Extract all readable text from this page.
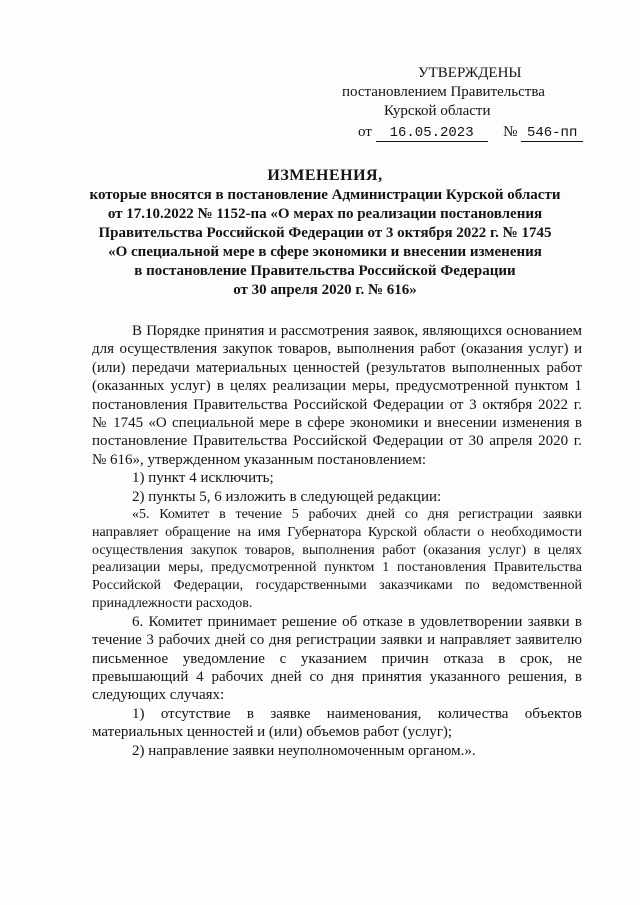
УТВЕРЖДЕНЫ
постановлением Правительства
Курской области
от 16.05.2023 № 546-пп
ИЗМЕНЕНИЯ,
которые вносятся в постановление Администрации Курской области
от 17.10.2022 № 1152-па «О мерах по реализации постановления
Правительства Российской Федерации от 3 октября 2022 г. № 1745
«О специальной мере в сфере экономики и внесении изменения
в постановление Правительства Российской Федерации
от 30 апреля 2020 г. № 616»

В Порядке принятия и рассмотрения заявок, являющихся основанием для осуществления закупок товаров, выполнения работ (оказания услуг) и (или) передачи материальных ценностей (результатов выполненных работ (оказанных услуг) в целях реализации меры, предусмотренной пунктом 1 постановления Правительства Российской Федерации от 3 октября 2022 г. № 1745 «О специальной мере в сфере экономики и внесении изменения в постановление Правительства Российской Федерации от 30 апреля 2020 г. № 616», утвержденном указанным постановлением:

1) пункт 4 исключить;

2) пункты 5, 6 изложить в следующей редакции:

«5. Комитет в течение 5 рабочих дней со дня регистрации заявки направляет обращение на имя Губернатора Курской области о необходимости осуществления закупок товаров, выполнения работ (оказания услуг) в целях реализации меры, предусмотренной пунктом 1 постановления Правительства Российской Федерации, государственными заказчиками по ведомственной принадлежности расходов.

6. Комитет принимает решение об отказе в удовлетворении заявки в течение 3 рабочих дней со дня регистрации заявки и направляет заявителю письменное уведомление с указанием причин отказа в срок, не превышающий 4 рабочих дней со дня принятия указанного решения, в следующих случаях:

1) отсутствие в заявке наименования, количества объектов материальных ценностей и (или) объемов работ (услуг);

2) направление заявки неуполномоченным органом.».
